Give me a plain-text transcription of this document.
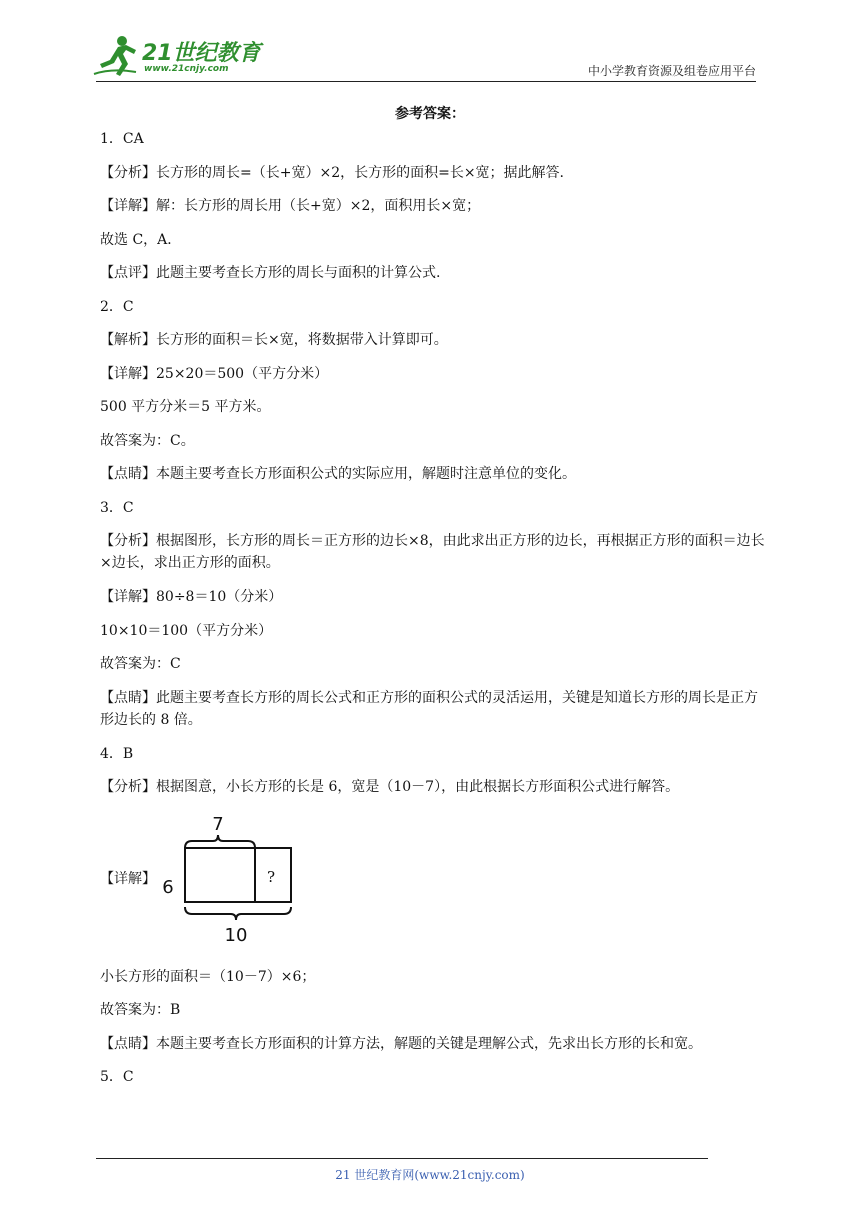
21世纪教育
www.21cnjy.com	中小学教育资源及组卷应用平台
参考答案：

1．CA

【分析】长方形的周长=（长+宽）×2，长方形的面积=长×宽；据此解答.

【详解】解：长方形的周长用（长+宽）×2，面积用长×宽；

故选 C，A．

【点评】此题主要考查长方形的周长与面积的计算公式.

2．C

【解析】长方形的面积＝长×宽，将数据带入计算即可。

【详解】25×20＝500（平方分米）

500 平方分米＝5 平方米。

故答案为：C。

【点睛】本题主要考查长方形面积公式的实际应用，解题时注意单位的变化。

3．C

【分析】根据图形，长方形的周长＝正方形的边长×8，由此求出正方形的边长，再根据正方形的面积＝边长×边长，求出正方形的面积。

【详解】80÷8＝10（分米）

10×10＝100（平方分米）

故答案为：C

【点睛】此题主要考查长方形的周长公式和正方形的面积公式的灵活运用，关键是知道长方形的周长是正方形边长的 8 倍。

4．B

【分析】根据图意，小长方形的长是 6，宽是（10－7），由此根据长方形面积公式进行解答。

【详解】
7
6	?
10

小长方形的面积＝（10－7）×6；

故答案为：B

【点睛】本题主要考查长方形面积的计算方法，解题的关键是理解公式，先求出长方形的长和宽。

5．C

21 世纪教育网(www.21cnjy.com)
